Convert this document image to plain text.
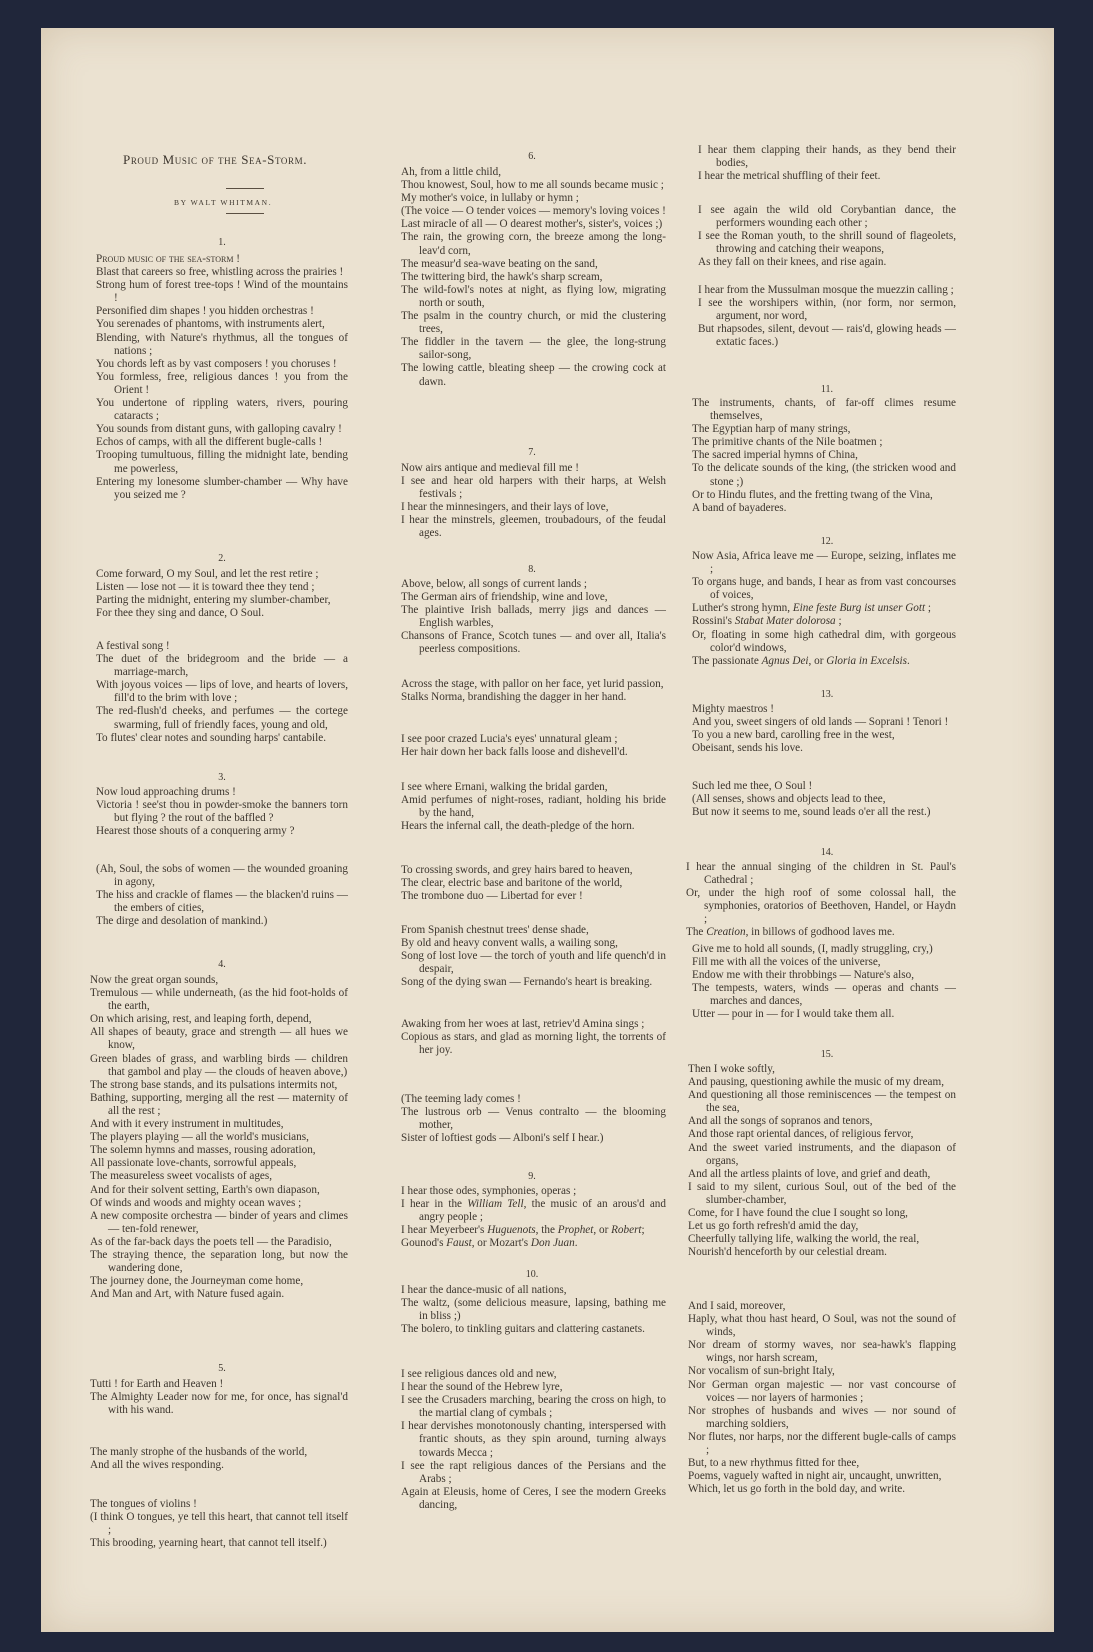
Proud Music of the Sea-Storm.
BY WALT WHITMAN.
1.
Proud music of the sea-storm !
Blast that careers so free, whistling across the prairies !
Strong hum of forest tree-tops ! Wind of the mountains !
Personified dim shapes ! you hidden orchestras !
You serenades of phantoms, with instruments alert,
Blending, with Nature's rhythmus, all the tongues of nations ;
You chords left as by vast composers ! you choruses !
You formless, free, religious dances ! you from the Orient !
You undertone of rippling waters, rivers, pouring cataracts ;
You sounds from distant guns, with galloping cavalry !
Echos of camps, with all the different bugle-calls !
Trooping tumultuous, filling the midnight late, bending me powerless,
Entering my lonesome slumber-chamber — Why have you seized me ?
2.
Come forward, O my Soul, and let the rest retire ;
Listen — lose not — it is toward thee they tend ;
Parting the midnight, entering my slumber-chamber,
For thee they sing and dance, O Soul.
A festival song !
The duet of the bridegroom and the bride — a marriage-march,
With joyous voices — lips of love, and hearts of lovers, fill'd to the brim with love ;
The red-flush'd cheeks, and perfumes — the cortege swarming, full of friendly faces, young and old,
To flutes' clear notes and sounding harps' cantabile.
3.
Now loud approaching drums !
Victoria ! see'st thou in powder-smoke the banners torn but flying ? the rout of the baffled ?
Hearest those shouts of a conquering army ?
(Ah, Soul, the sobs of women — the wounded groaning in agony,
The hiss and crackle of flames — the blacken'd ruins — the embers of cities,
The dirge and desolation of mankind.)
4.
Now the great organ sounds,
Tremulous — while underneath, (as the hid foot-holds of the earth,
On which arising, rest, and leaping forth, depend,
All shapes of beauty, grace and strength — all hues we know,
Green blades of grass, and warbling birds — children that gambol and play — the clouds of heaven above,)
The strong base stands, and its pulsations intermits not,
Bathing, supporting, merging all the rest — maternity of all the rest ;
And with it every instrument in multitudes,
The players playing — all the world's musicians,
The solemn hymns and masses, rousing adoration,
All passionate love-chants, sorrowful appeals,
The measureless sweet vocalists of ages,
And for their solvent setting, Earth's own diapason,
Of winds and woods and mighty ocean waves ;
A new composite orchestra — binder of years and climes — ten-fold renewer,
As of the far-back days the poets tell — the Paradisio,
The straying thence, the separation long, but now the wandering done,
The journey done, the Journeyman come home,
And Man and Art, with Nature fused again.
5.
Tutti ! for Earth and Heaven !
The Almighty Leader now for me, for once, has signal'd with his wand.
The manly strophe of the husbands of the world,
And all the wives responding.
The tongues of violins !
(I think O tongues, ye tell this heart, that cannot tell itself ;
This brooding, yearning heart, that cannot tell itself.)
6.
Ah, from a little child,
Thou knowest, Soul, how to me all sounds became music ;
My mother's voice, in lullaby or hymn ;
(The voice — O tender voices — memory's loving voices !
Last miracle of all — O dearest mother's, sister's, voices ;)
The rain, the growing corn, the breeze among the long-leav'd corn,
The measur'd sea-wave beating on the sand,
The twittering bird, the hawk's sharp scream,
The wild-fowl's notes at night, as flying low, migrating north or south,
The psalm in the country church, or mid the clustering trees,
The fiddler in the tavern — the glee, the long-strung sailor-song,
The lowing cattle, bleating sheep — the crowing cock at dawn.
7.
Now airs antique and medieval fill me !
I see and hear old harpers with their harps, at Welsh festivals ;
I hear the minnesingers, and their lays of love,
I hear the minstrels, gleemen, troubadours, of the feudal ages.
8.
Above, below, all songs of current lands ;
The German airs of friendship, wine and love,
The plaintive Irish ballads, merry jigs and dances — English warbles,
Chansons of France, Scotch tunes — and over all, Italia's peerless compositions.
Across the stage, with pallor on her face, yet lurid passion,
Stalks Norma, brandishing the dagger in her hand.
I see poor crazed Lucia's eyes' unnatural gleam ;
Her hair down her back falls loose and dishevell'd.
I see where Ernani, walking the bridal garden,
Amid perfumes of night-roses, radiant, holding his bride by the hand,
Hears the infernal call, the death-pledge of the horn.
To crossing swords, and grey hairs bared to heaven,
The clear, electric base and baritone of the world,
The trombone duo — Libertad for ever !
From Spanish chestnut trees' dense shade,
By old and heavy convent walls, a wailing song,
Song of lost love — the torch of youth and life quench'd in despair,
Song of the dying swan — Fernando's heart is breaking.
Awaking from her woes at last, retriev'd Amina sings ;
Copious as stars, and glad as morning light, the torrents of her joy.
(The teeming lady comes !
The lustrous orb — Venus contralto — the blooming mother,
Sister of loftiest gods — Alboni's self I hear.)
9.
I hear those odes, symphonies, operas ;
I hear in the William Tell, the music of an arous'd and angry people ;
I hear Meyerbeer's Huguenots, the Prophet, or Robert;
Gounod's Faust, or Mozart's Don Juan.
10.
I hear the dance-music of all nations,
The waltz, (some delicious measure, lapsing, bathing me in bliss ;)
The bolero, to tinkling guitars and clattering castanets.
I see religious dances old and new,
I hear the sound of the Hebrew lyre,
I see the Crusaders marching, bearing the cross on high, to the martial clang of cymbals ;
I hear dervishes monotonously chanting, interspersed with frantic shouts, as they spin around, turning always towards Mecca ;
I see the rapt religious dances of the Persians and the Arabs ;
Again at Eleusis, home of Ceres, I see the modern Greeks dancing,
I hear them clapping their hands, as they bend their bodies,
I hear the metrical shuffling of their feet.
I see again the wild old Corybantian dance, the performers wounding each other ;
I see the Roman youth, to the shrill sound of flageolets, throwing and catching their weapons,
As they fall on their knees, and rise again.
I hear from the Mussulman mosque the muezzin calling ;
I see the worshipers within, (nor form, nor sermon, argument, nor word,
But rhapsodes, silent, devout — rais'd, glowing heads — extatic faces.)
11.
The instruments, chants, of far-off climes resume themselves,
The Egyptian harp of many strings,
The primitive chants of the Nile boatmen ;
The sacred imperial hymns of China,
To the delicate sounds of the king, (the stricken wood and stone ;)
Or to Hindu flutes, and the fretting twang of the Vina,
A band of bayaderes.
12.
Now Asia, Africa leave me — Europe, seizing, inflates me ;
To organs huge, and bands, I hear as from vast concourses of voices,
Luther's strong hymn, Eine feste Burg ist unser Gott ;
Rossini's Stabat Mater dolorosa ;
Or, floating in some high cathedral dim, with gorgeous color'd windows,
The passionate Agnus Dei, or Gloria in Excelsis.
13.
Mighty maestros !
And you, sweet singers of old lands — Soprani ! Tenori !
To you a new bard, carolling free in the west,
Obeisant, sends his love.
Such led me thee, O Soul !
(All senses, shows and objects lead to thee,
But now it seems to me, sound leads o'er all the rest.)
14.
I hear the annual singing of the children in St. Paul's Cathedral ;
Or, under the high roof of some colossal hall, the symphonies, oratorios of Beethoven, Handel, or Haydn ;
The Creation, in billows of godhood laves me.
Give me to hold all sounds, (I, madly struggling, cry,)
Fill me with all the voices of the universe,
Endow me with their throbbings — Nature's also,
The tempests, waters, winds — operas and chants — marches and dances,
Utter — pour in — for I would take them all.
15.
Then I woke softly,
And pausing, questioning awhile the music of my dream,
And questioning all those reminiscences — the tempest on the sea,
And all the songs of sopranos and tenors,
And those rapt oriental dances, of religious fervor,
And the sweet varied instruments, and the diapason of organs,
And all the artless plaints of love, and grief and death,
I said to my silent, curious Soul, out of the bed of the slumber-chamber,
Come, for I have found the clue I sought so long,
Let us go forth refresh'd amid the day,
Cheerfully tallying life, walking the world, the real,
Nourish'd henceforth by our celestial dream.
And I said, moreover,
Haply, what thou hast heard, O Soul, was not the sound of winds,
Nor dream of stormy waves, nor sea-hawk's flapping wings, nor harsh scream,
Nor vocalism of sun-bright Italy,
Nor German organ majestic — nor vast concourse of voices — nor layers of harmonies ;
Nor strophes of husbands and wives — nor sound of marching soldiers,
Nor flutes, nor harps, nor the different bugle-calls of camps ;
But, to a new rhythmus fitted for thee,
Poems, vaguely wafted in night air, uncaught, unwritten,
Which, let us go forth in the bold day, and write.
